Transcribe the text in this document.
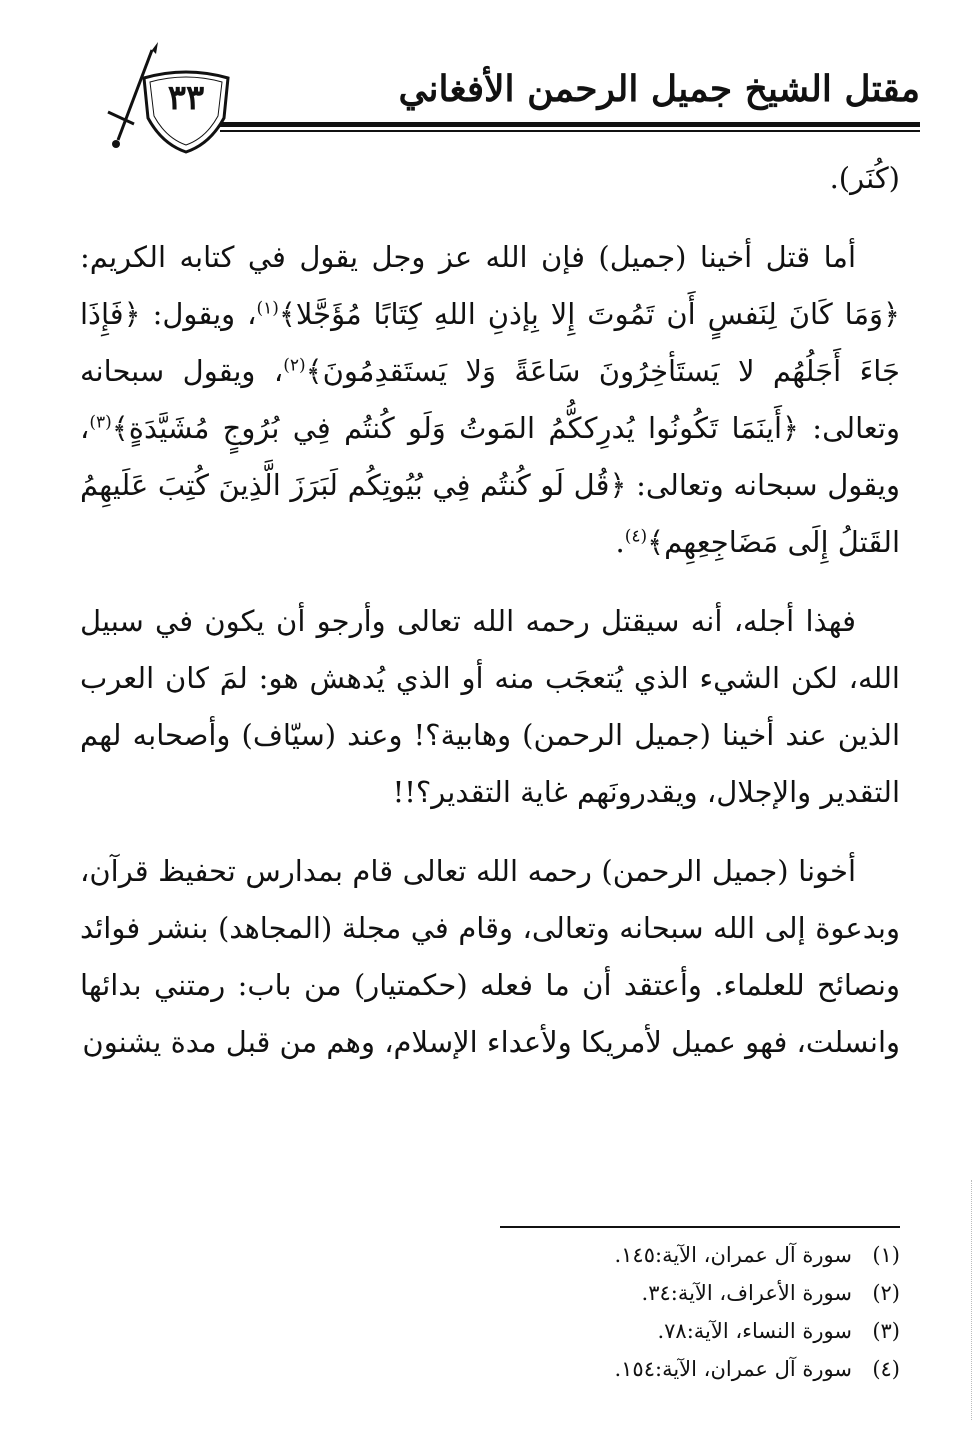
مقتل الشيخ جميل الرحمن الأفغاني
٣٣

(كُنَر).

أما قتل أخينا (جميل) فإن الله عز وجل يقول في كتابه الكريم: ﴿وَمَا كَانَ لِنَفسٍ أَن تَمُوتَ إِلا بِإذنِ اللهِ كِتَابًا مُؤَجَّلا﴾$^{(١)}$، ويقول: ﴿فَإِذَا جَاءَ أَجَلُهُم لا يَستَأخِرُونَ سَاعَةً وَلا يَستَقدِمُونَ﴾$^{(٢)}$، ويقول سبحانه وتعالى: ﴿أَينَمَا تَكُونُوا يُدرِككُّمُ المَوتُ وَلَو كُنتُم فِي بُرُوجٍ مُشَيَّدَةٍ﴾$^{(٣)}$، ويقول سبحانه وتعالى: ﴿قُل لَو كُنتُم فِي بُيُوتِكُم لَبَرَزَ الَّذِينَ كُتِبَ عَلَيهِمُ القَتلُ إِلَى مَضَاجِعِهِم﴾$^{(٤)}$.

فهذا أجله، أنه سيقتل رحمه الله تعالى وأرجو أن يكون في سبيل الله، لكن الشيء الذي يُتعجَب منه أو الذي يُدهش هو: لمَ كان العرب الذين عند أخينا (جميل الرحمن) وهابية؟! وعند (سيّاف) وأصحابه لهم التقدير والإجلال، ويقدرونَهم غاية التقدير؟!!

أخونا (جميل الرحمن) رحمه الله تعالى قام بمدارس تحفيظ قرآن، وبدعوة إلى الله سبحانه وتعالى، وقام في مجلة (المجاهد) بنشر فوائد ونصائح للعلماء. وأعتقد أن ما فعله (حكمتيار) من باب: رمتني بدائها وانسلت، فهو عميل لأمريكا ولأعداء الإسلام، وهم من قبل مدة يشنون

(١)سورة آل عمران، الآية:١٤٥.
(٢)سورة الأعراف، الآية:٣٤.
(٣)سورة النساء، الآية:٧٨.
(٤)سورة آل عمران، الآية:١٥٤.
